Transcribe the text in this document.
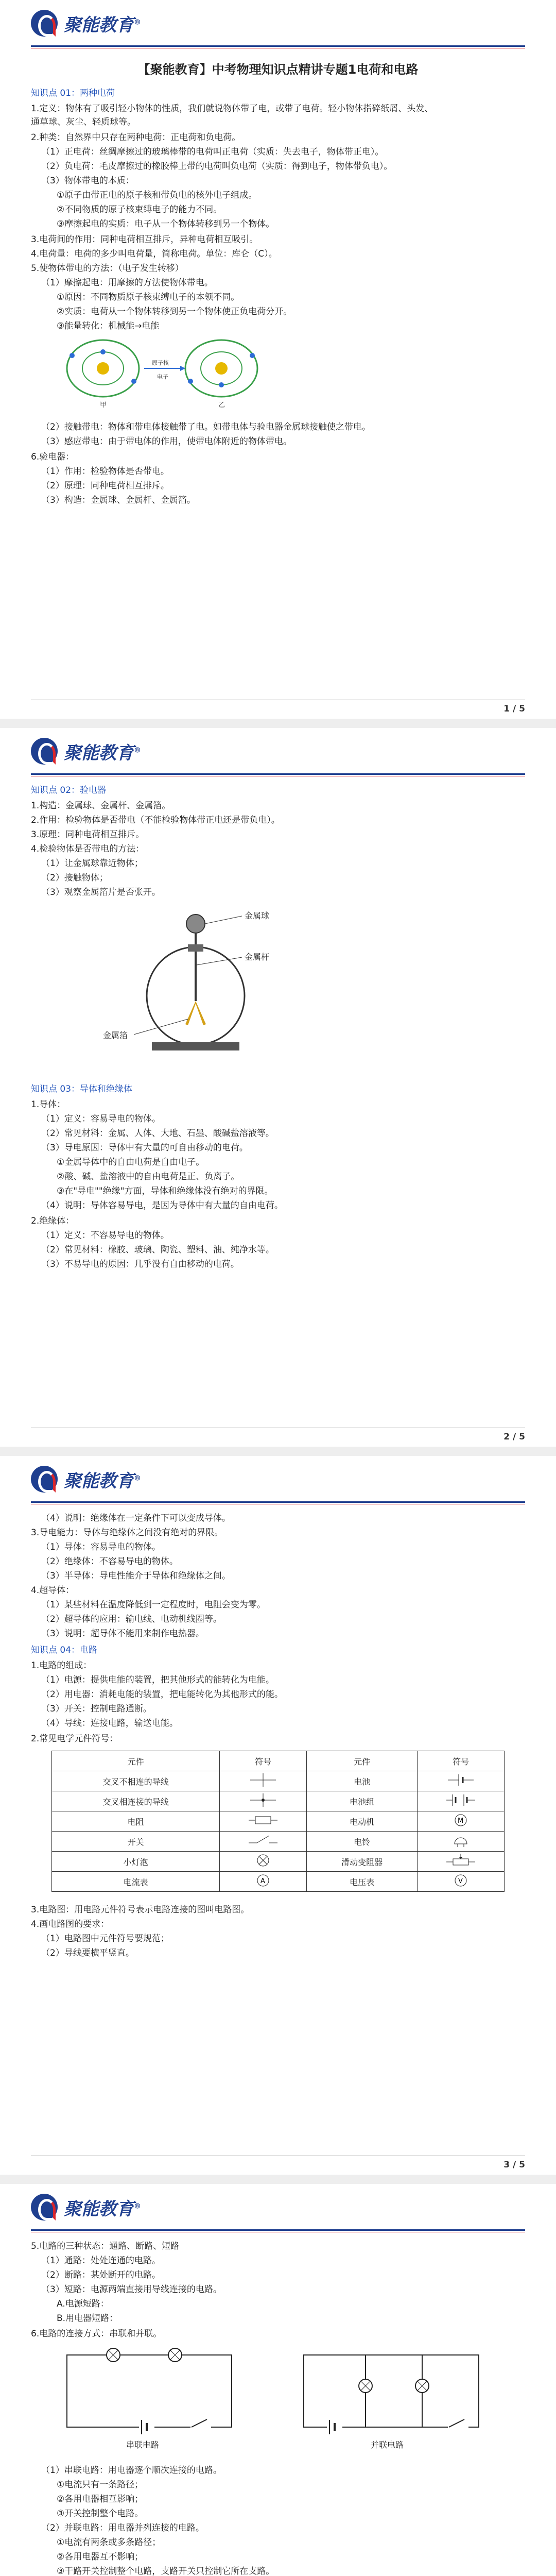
聚能教育®
【聚能教育】中考物理知识点精讲专题1电荷和电路
知识点 01：两种电荷
1.定义：物体有了吸引轻小物体的性质，我们就说物体带了电，或带了电荷。轻小物体指碎纸屑、头发、
通草球、灰尘、轻质球等。
2.种类：自然界中只存在两种电荷：正电荷和负电荷。
（1）正电荷：丝绸摩擦过的玻璃棒带的电荷叫正电荷（实质：失去电子，物体带正电）。
（2）负电荷：毛皮摩擦过的橡胶棒上带的电荷叫负电荷（实质：得到电子，物体带负电）。
（3）物体带电的本质：
①原子由带正电的原子核和带负电的核外电子组成。
②不同物质的原子核束缚电子的能力不同。
③摩擦起电的实质：电子从一个物体转移到另一个物体。
3.电荷间的作用：同种电荷相互排斥，异种电荷相互吸引。
4.电荷量：电荷的多少叫电荷量，简称电荷。单位：库仑（C）。
5.使物体带电的方法：（电子发生转移）
（1）摩擦起电：用摩擦的方法使物体带电。
①原因：不同物质原子核束缚电子的本领不同。
②实质：电荷从一个物体转移到另一个物体使正负电荷分开。
③能量转化：机械能→电能
原子核
电子
甲	乙
（2）接触带电：物体和带电体接触带了电。如带电体与验电器金属球接触使之带电。
（3）感应带电：由于带电体的作用，使带电体附近的物体带电。
6.验电器：
（1）作用：检验物体是否带电。
（2）原理：同种电荷相互排斥。
（3）构造：金属球、金属杆、金属箔。
1 / 5
聚能教育®
知识点 02：验电器
1.构造：金属球、金属杆、金属箔。
2.作用：检验物体是否带电（不能检验物体带正电还是带负电）。
3.原理：同种电荷相互排斥。
4.检验物体是否带电的方法：
（1）让金属球靠近物体；
（2）接触物体；
（3）观察金属箔片是否张开。
金属球
金属杆
金属箔
知识点 03：导体和绝缘体
1.导体：
（1）定义：容易导电的物体。
（2）常见材料：金属、人体、大地、石墨、酸碱盐溶液等。
（3）导电原因：导体中有大量的可自由移动的电荷。
①金属导体中的自由电荷是自由电子。
②酸、碱、盐溶液中的自由电荷是正、负离子。
③在"导电""绝缘"方面，导体和绝缘体没有绝对的界限。
（4）说明：导体容易导电，是因为导体中有大量的自由电荷。
2.绝缘体：
（1）定义：不容易导电的物体。
（2）常见材料：橡胶、玻璃、陶瓷、塑料、油、纯净水等。
（3）不易导电的原因：几乎没有自由移动的电荷。
2 / 5
聚能教育®
（4）说明：绝缘体在一定条件下可以变成导体。
3.导电能力：导体与绝缘体之间没有绝对的界限。
（1）导体：容易导电的物体。
（2）绝缘体：不容易导电的物体。
（3）半导体：导电性能介于导体和绝缘体之间。
4.超导体：
（1）某些材料在温度降低到一定程度时，电阻会变为零。
（2）超导体的应用：输电线、电动机线圈等。
（3）说明：超导体不能用来制作电热器。
知识点 04：电路
1.电路的组成：
（1）电源：提供电能的装置，把其他形式的能转化为电能。
（2）用电器：消耗电能的装置，把电能转化为其他形式的能。
（3）开关：控制电路通断。
（4）导线：连接电路，输送电能。
2.常见电学元件符号：
元件	符号	元件	符号
交叉不相连的导线		电池	
交叉相连接的导线		电池组	
电阻		电动机	M

开关		电铃	
小灯泡		滑动变阻器	
电流表	A	电压表	V
3.电路图：用电路元件符号表示电路连接的图叫电路图。
4.画电路图的要求：
（1）电路图中元件符号要规范；
（2）导线要横平竖直。
3 / 5
聚能教育®
5.电路的三种状态：通路、断路、短路
（1）通路：处处连通的电路。
（2）断路：某处断开的电路。
（3）短路：电源两端直接用导线连接的电路。
A.电源短路：
B.用电器短路：
6.电路的连接方式：串联和并联。
串联电路	并联电路
（1）串联电路：用电器逐个顺次连接的电路。
①电流只有一条路径；
②各用电器相互影响；
③开关控制整个电路。
（2）并联电路：用电器并列连接的电路。
①电流有两条或多条路径；
②各用电器互不影响；
③干路开关控制整个电路，支路开关只控制它所在支路。
